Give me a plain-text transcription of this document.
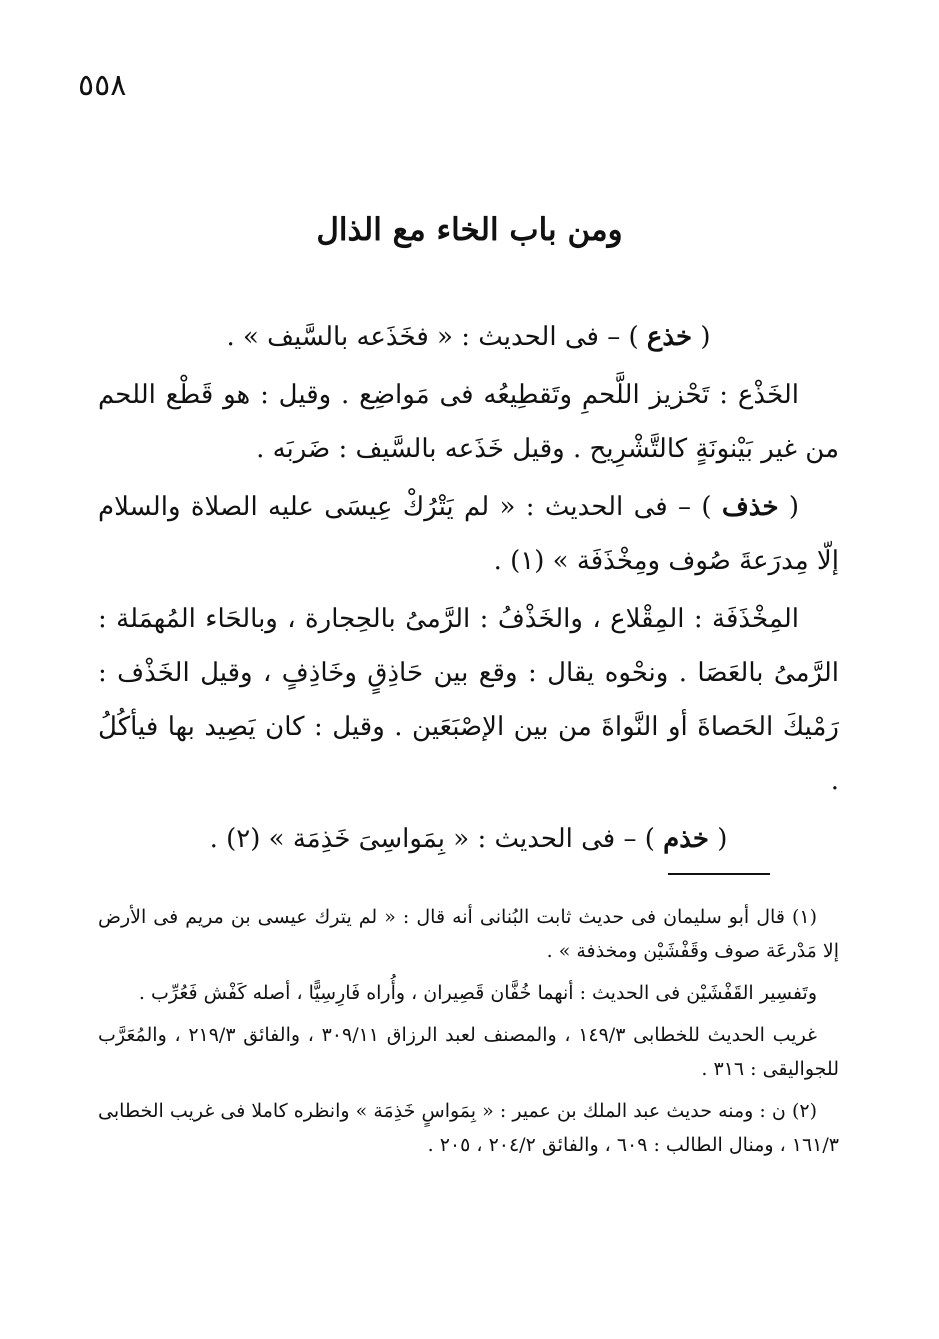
٥٥٨
ومن باب الخاء مع الذال

( خذع ) – فى الحديث : « فخَذَعه بالسَّيف » .

الخَذْع : تَحْزيز اللَّحمِ وتَقطِيعُه فى مَواضِع . وقيل : هو قَطْع اللحم من غير بَيْنونَةٍ كالتَّشْرِيح . وقيل خَذَعه بالسَّيف : ضَربَه .

( خذف ) – فى الحديث : « لم يَتْرُكْ عِيسَى عليه الصلاة والسلام إلّا مِدرَعةَ صُوف ومِخْذَفَة » (١) .

المِخْذَفَة : المِقْلاع ، والخَذْفُ : الرَّمىُ بالحِجارة ، وبالحَاء المُهمَلة : الرَّمىُ بالعَصَا . ونحْوه يقال : وقع بين حَاذِقٍ وخَاذِفٍ ، وقيل الخَذْف : رَمْيكَ الحَصاةَ أو النَّواةَ من بين الإصْبَعَين . وقيل : كان يَصِيد بها فيأكُلُ .

( خذم ) – فى الحديث : « بِمَواسِىَ خَذِمَة » (٢) .

(١) قال أبو سليمان فى حديث ثابت البُنانى أنه قال : « لم يترك عيسى بن مريم فى الأرض إلا مَدْرعَة صوف وقَفْشَيْن ومخذفة » .

وتَفسِير القَفْشَيْن فى الحديث : أنهما خُفَّان قَصِيران ، وأُراه فَارِسِيًّا ، أصله كَفْش فَعُرِّب .

غريب الحديث للخطابى ١٤٩/٣ ، والمصنف لعبد الرزاق ٣٠٩/١١ ، والفائق ٢١٩/٣ ، والمُعَرَّب للجواليقى : ٣١٦ .

(٢) ن : ومنه حديث عبد الملك بن عمير : « بِمَواسٍ خَذِمَة » وانظره كاملا فى غريب الخطابى ١٦١/٣ ، ومنال الطالب : ٦٠٩ ، والفائق ٢٠٤/٢ ، ٢٠٥ .
